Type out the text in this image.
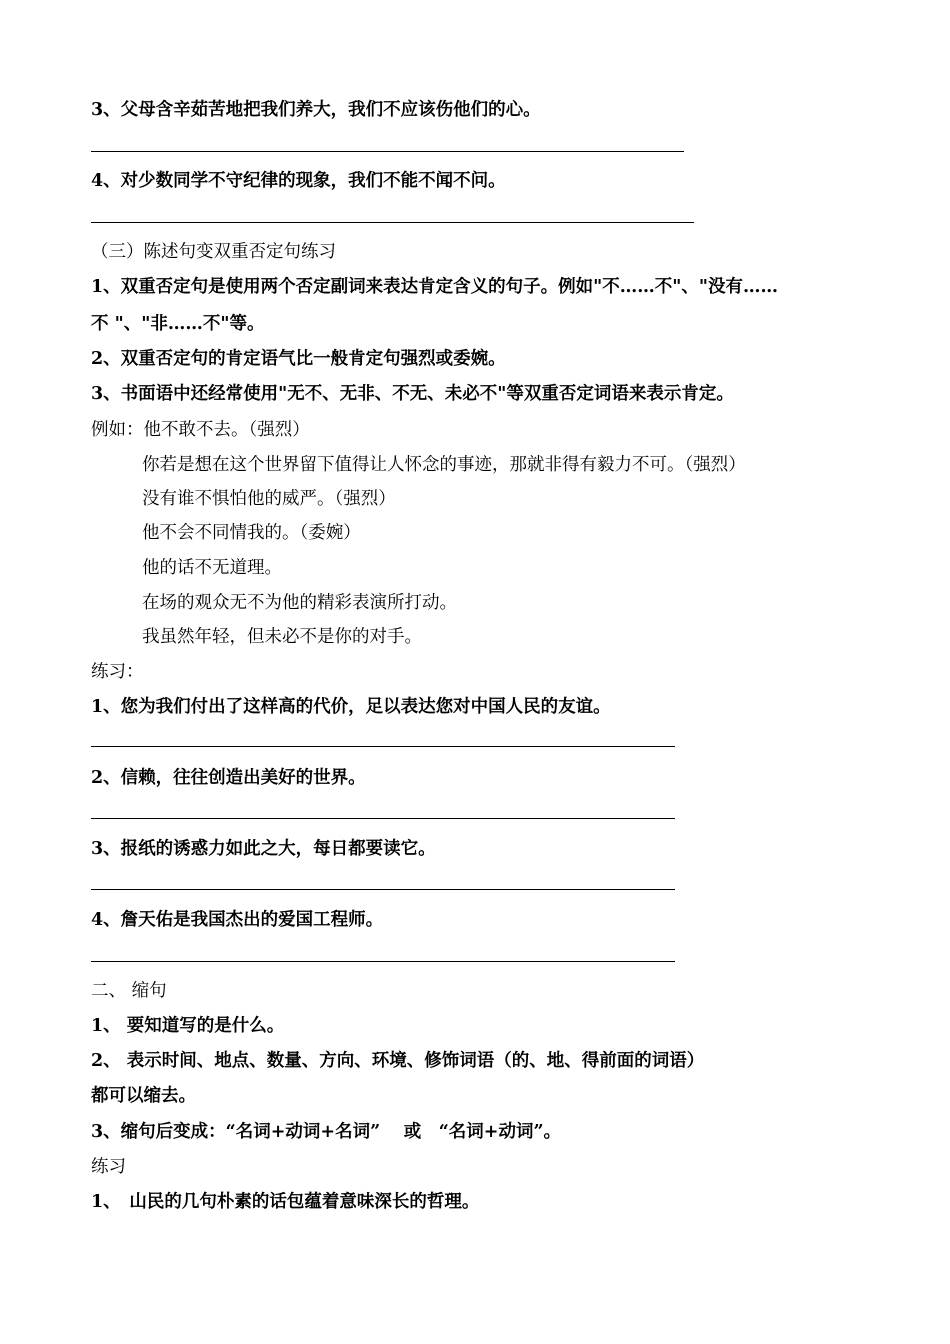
3、父母含辛茹苦地把我们养大，我们不应该伤他们的心。
4、对少数同学不守纪律的现象，我们不能不闻不问。
（三）陈述句变双重否定句练习
1、双重否定句是使用两个否定副词来表达肯定含义的句子。例如"不……不"、"没有……
不 "、"非……不"等。
2、双重否定句的肯定语气比一般肯定句强烈或委婉。
3、书面语中还经常使用"无不、无非、不无、未必不"等双重否定词语来表示肯定。
例如：他不敢不去。（强烈）
你若是想在这个世界留下值得让人怀念的事迹，那就非得有毅力不可。（强烈）
没有谁不惧怕他的威严。（强烈）
他不会不同情我的。（委婉）
他的话不无道理。
在场的观众无不为他的精彩表演所打动。
我虽然年轻，但未必不是你的对手。
练习：
1、您为我们付出了这样高的代价，足以表达您对中国人民的友谊。
2、信赖，往往创造出美好的世界。
3、报纸的诱惑力如此之大，每日都要读它。
4、詹天佑是我国杰出的爱国工程师。
二、 缩句
1、 要知道写的是什么。
2、 表示时间、地点、数量、方向、环境、修饰词语（的、地、得前面的词语）
都可以缩去。
3、缩句后变成：“名词+动词+名词”　 或　“名词+动词”。
练习
1、　山民的几句朴素的话包蕴着意味深长的哲理。
